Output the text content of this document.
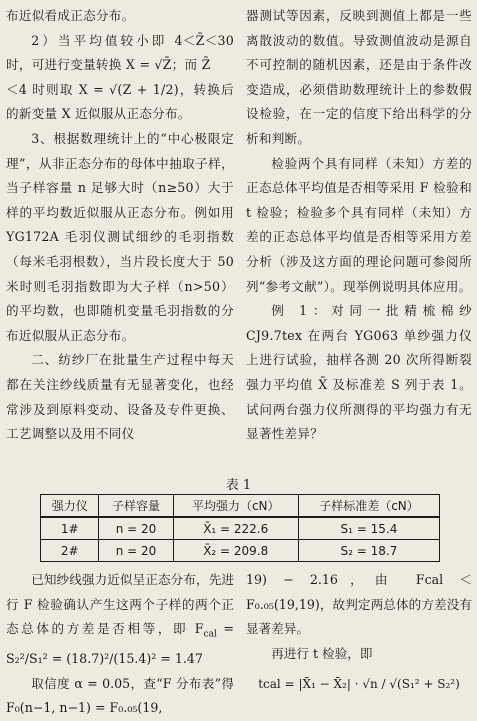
布近似看成正态分布。

2）当平均值较小即 4＜Z̄＜30 时，可进行变量转换 X = √Z̄；而 Z̄

＜4 时则取 X = √(Z + 1/2)，转换后的新变量 X 近似服从正态分布。

3、根据数理统计上的“中心极限定理”，从非正态分布的母体中抽取子样，当子样容量 n 足够大时（n≥50）大于样的平均数近似服从正态分布。例如用 YG172A 毛羽仪测试细纱的毛羽指数（每米毛羽根数），当片段长度大于 50 米时则毛羽指数即为大子样（n>50）的平均数，也即随机变量毛羽指数的分布近似服从正态分布。

二、纺纱厂在批量生产过程中每天都在关注纱线质量有无显著变化，也经常涉及到原料变动、设备及专件更换、工艺调整以及用不同仪

器测试等因素，反映到测值上都是一些离散波动的数值。导致测值波动是源自不可控制的随机因素，还是由于条件改变造成，必须借助数理统计上的参数假设检验，在一定的信度下给出科学的分析和判断。

检验两个具有同样（未知）方差的正态总体平均值是否相等采用 F 检验和 t 检验；检验多个具有同样（未知）方差的正态总体平均值是否相等采用方差分析（涉及这方面的理论问题可参阅所列“参考文献”）。现举例说明具体应用。

例 1：对同一批精梳棉纱 CJ9.7tex 在两台 YG063 单纱强力仪上进行试验，抽样各测 20 次所得断裂强力平均值 X̄ 及标准差 S 列于表 1。试问两台强力仪所测得的平均强力有无显著性差异？

表 1
强力仪	子样容量	平均强力（cN）	子样标准差（cN）
1#	n = 20	X̄₁ = 222.6	S₁ = 15.4
2#	n = 20	X̄₂ = 209.8	S₂ = 18.7

已知纱线强力近似呈正态分布，先进行 F 检验确认产生这两个子样的两个正态总体的方差是否相等，即 $F_{cal} = S_2^2/S_1^2 = (18.7)^2/(15.4)^2 = 1.47$

取信度 α = 0.05，查“F 分布表”得 F₀(n−1, n−1) = F₀.₀₅(19,

19) − 2.16，由 Fcal ＜ F₀.₀₅(19,19)，故判定两总体的方差没有显著差异。

再进行 t 检验，即

tcal = |X̄₁ − X̄₂| · √n / √(S₁² + S₂²)
